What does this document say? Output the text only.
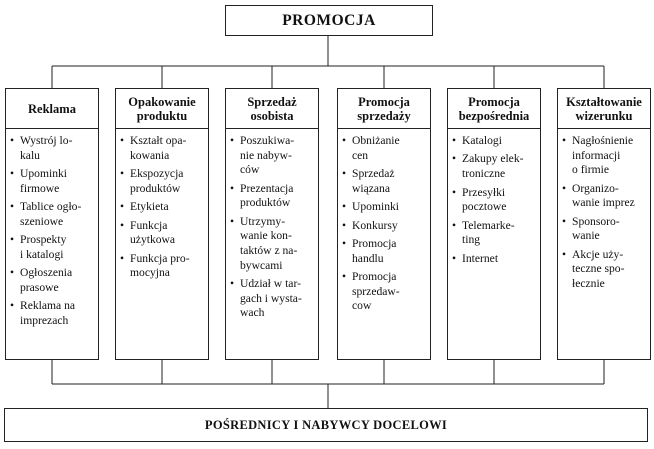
PROMOCJA
Reklama
• Wystrój lo-
kalu
• Upominki
firmowe
• Tablice ogło-
szeniowe
• Prospekty
i katalogi
• Ogłoszenia
prasowe
• Reklama na
imprezach
Opakowanie
produktu
• Kształt opa-
kowania
• Ekspozycja
produktów
• Etykieta
• Funkcja
użytkowa
• Funkcja pro-
mocyjna
Sprzedaż
osobista
• Poszukiwa-
nie nabyw-
ców
• Prezentacja
produktów
• Utrzymy-
wanie kon-
taktów z na-
bywcami
• Udział w tar-
gach i wysta-
wach
Promocja
sprzedaży
• Obniżanie
cen
• Sprzedaż
wiązana
• Upominki
• Konkursy
• Promocja
handlu
• Promocja
sprzedaw-
cow
Promocja
bezpośrednia
• Katalogi
• Zakupy elek-
troniczne
• Przesyłki
pocztowe
• Telemarke-
ting
• Internet
Kształtowanie
wizerunku
• Nagłośnienie
informacji
o firmie
• Organizo-
wanie imprez
• Sponsoro-
wanie
• Akcje uży-
teczne spo-
łecznie
POŚREDNICY I NABYWCY DOCELOWI
